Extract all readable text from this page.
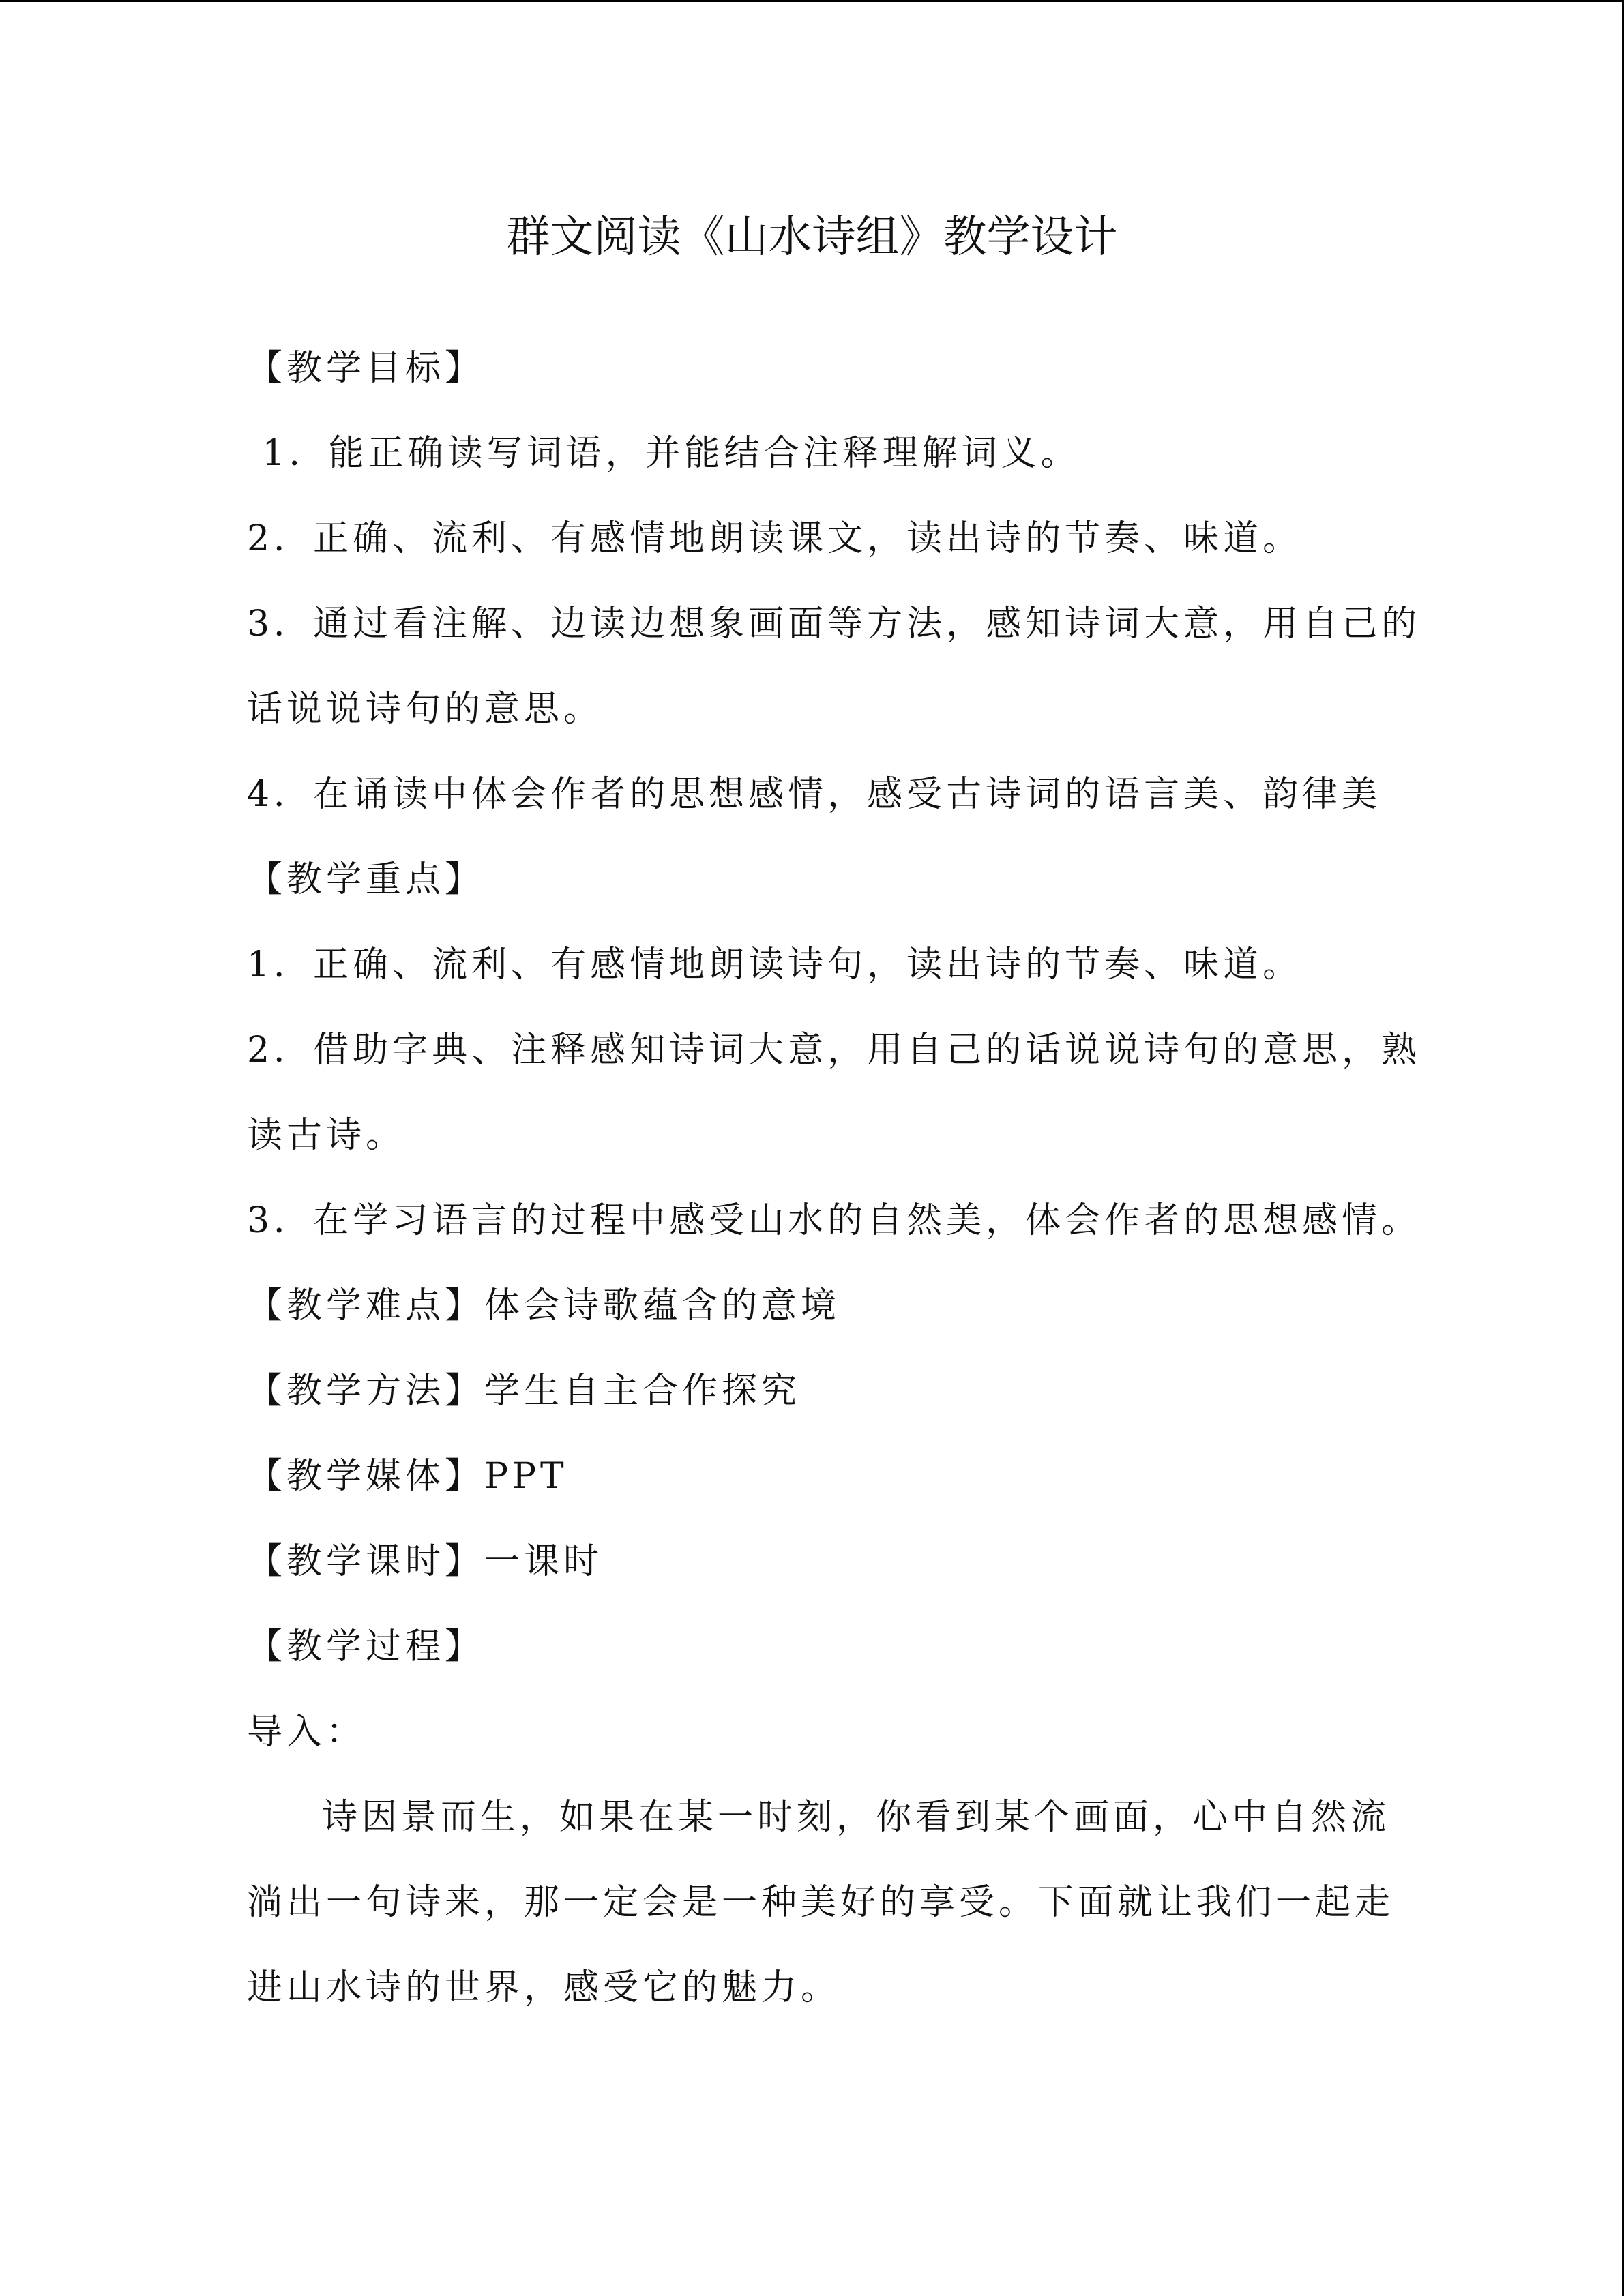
群文阅读《山水诗组》教学设计

【教学目标】

1．能正确读写词语，并能结合注释理解词义。

2．正确、流利、有感情地朗读课文，读出诗的节奏、味道。

3．通过看注解、边读边想象画面等方法，感知诗词大意，用自己的

话说说诗句的意思。

4．在诵读中体会作者的思想感情，感受古诗词的语言美、韵律美

【教学重点】

1．正确、流利、有感情地朗读诗句，读出诗的节奏、味道。

2．借助字典、注释感知诗词大意，用自己的话说说诗句的意思，熟

读古诗。

3．在学习语言的过程中感受山水的自然美，体会作者的思想感情。

【教学难点】体会诗歌蕴含的意境

【教学方法】学生自主合作探究

【教学媒体】PPT

【教学课时】一课时

【教学过程】

导入：

诗因景而生，如果在某一时刻，你看到某个画面，心中自然流

淌出一句诗来，那一定会是一种美好的享受。下面就让我们一起走

进山水诗的世界，感受它的魅力。
